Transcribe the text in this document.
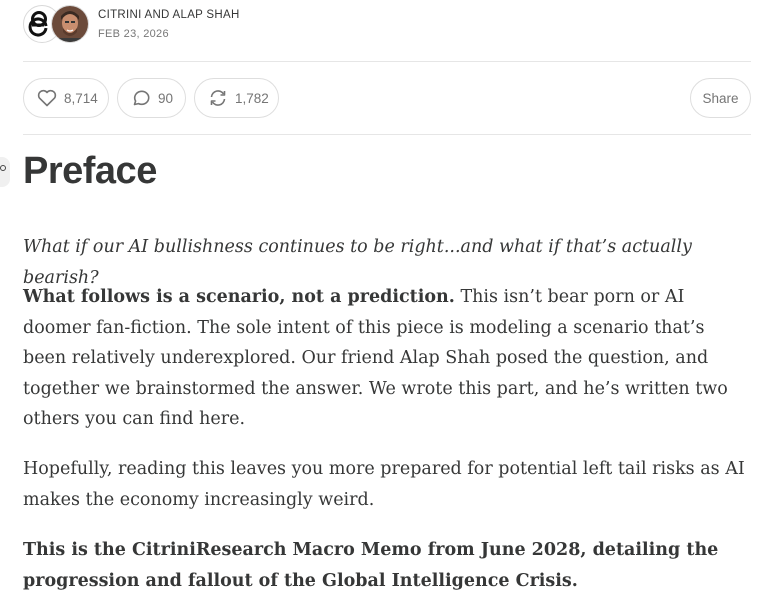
CITRINI AND ALAP SHAH
FEB 23, 2026
8,714	90	1,782	Share
Preface

What if our AI bullishness continues to be right...and what if that’s actually bearish?

What follows is a scenario, not a prediction. This isn’t bear porn or AI doomer fan-fiction. The sole intent of this piece is modeling a scenario that’s been relatively underexplored. Our friend Alap Shah posed the question, and together we brainstormed the answer. We wrote this part, and he’s written two others you can find here.

Hopefully, reading this leaves you more prepared for potential left tail risks as AI makes the economy increasingly weird.

This is the CitriniResearch Macro Memo from June 2028, detailing the progression and fallout of the Global Intelligence Crisis.
